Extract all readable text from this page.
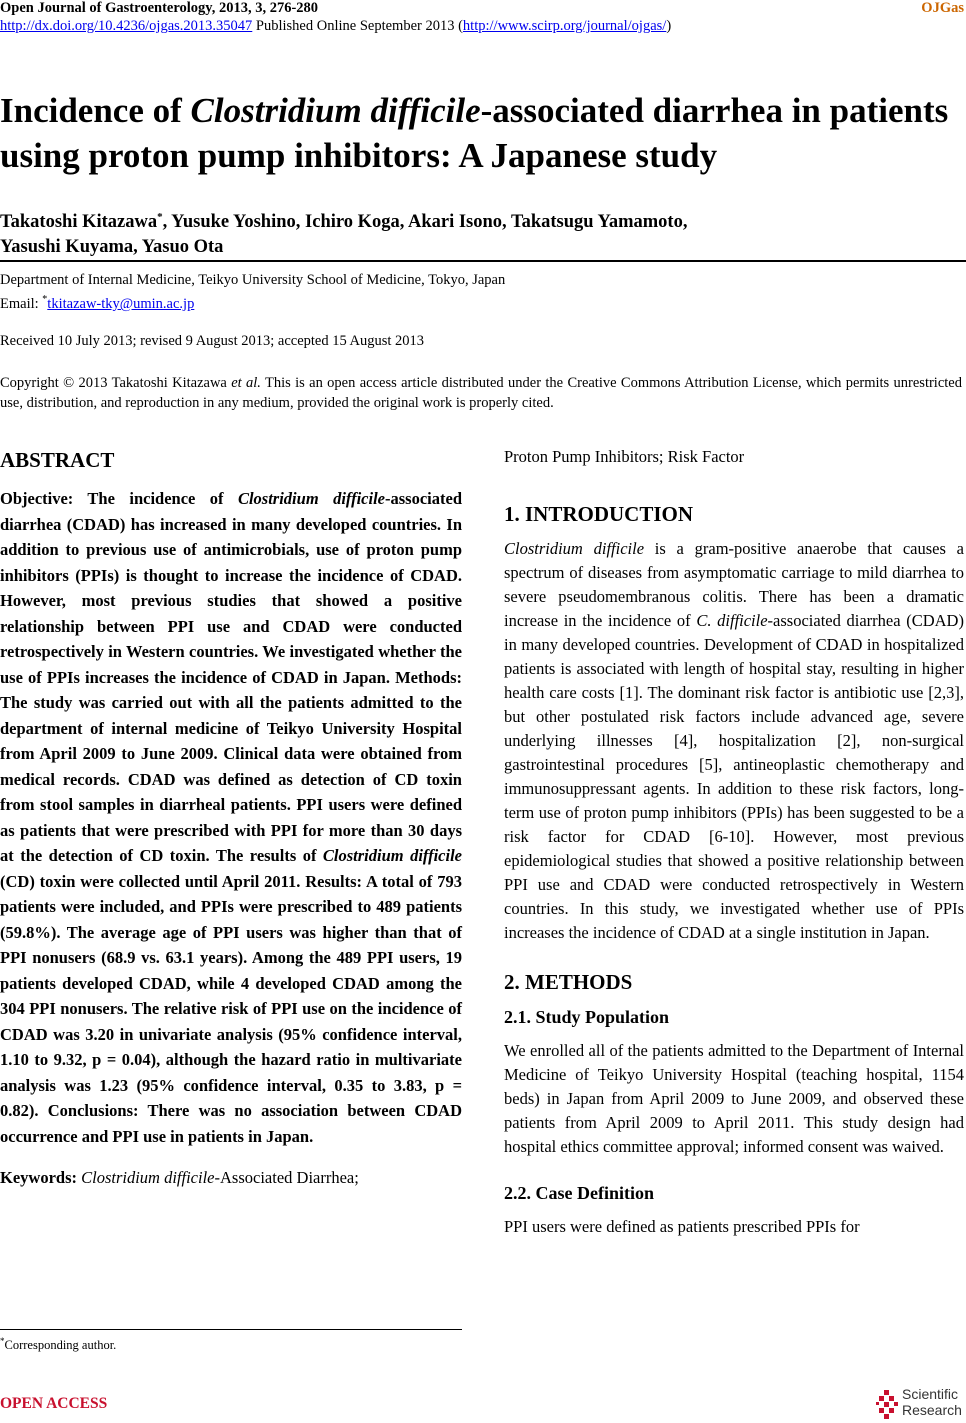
Open Journal of Gastroenterology, 2013, 3, 276-280	OJGas
http://dx.doi.org/10.4236/ojgas.2013.35047 Published Online September 2013 (http://www.scirp.org/journal/ojgas/)
Incidence of Clostridium difficile-associated diarrhea in patients using proton pump inhibitors: A Japanese study
Takatoshi Kitazawa*, Yusuke Yoshino, Ichiro Koga, Akari Isono, Takatsugu Yamamoto,
Yasushi Kuyama, Yasuo Ota
Department of Internal Medicine, Teikyo University School of Medicine, Tokyo, Japan
Email: *tkitazaw-tky@umin.ac.jp
Received 10 July 2013; revised 9 August 2013; accepted 15 August 2013
Copyright © 2013 Takatoshi Kitazawa et al. This is an open access article distributed under the Creative Commons Attribution License, which permits unrestricted use, distribution, and reproduction in any medium, provided the original work is properly cited.
ABSTRACT

Objective: The incidence of Clostridium difficile-associated diarrhea (CDAD) has increased in many developed countries. In addition to previous use of antimicrobials, use of proton pump inhibitors (PPIs) is thought to increase the incidence of CDAD. However, most previous studies that showed a positive relationship between PPI use and CDAD were conducted retrospectively in Western countries. We investigated whether the use of PPIs increases the incidence of CDAD in Japan. Methods: The study was carried out with all the patients admitted to the department of internal medicine of Teikyo University Hospital from April 2009 to June 2009. Clinical data were obtained from medical records. CDAD was defined as detection of CD toxin from stool samples in diarrheal patients. PPI users were defined as patients that were prescribed with PPI for more than 30 days at the detection of CD toxin. The results of Clostridium difficile (CD) toxin were collected until April 2011. Results: A total of 793 patients were included, and PPIs were prescribed to 489 patients (59.8%). The average age of PPI users was higher than that of PPI nonusers (68.9 vs. 63.1 years). Among the 489 PPI users, 19 patients developed CDAD, while 4 developed CDAD among the 304 PPI nonusers. The relative risk of PPI use on the incidence of CDAD was 3.20 in univariate analysis (95% confidence interval, 1.10 to 9.32, p = 0.04), although the hazard ratio in multivariate analysis was 1.23 (95% confidence interval, 0.35 to 3.83, p = 0.82). Conclusions: There was no association between CDAD occurrence and PPI use in patients in Japan.

Keywords: Clostridium difficile-Associated Diarrhea;

*Corresponding author.

Proton Pump Inhibitors; Risk Factor

1. INTRODUCTION

Clostridium difficile is a gram-positive anaerobe that causes a spectrum of diseases from asymptomatic carriage to mild diarrhea to severe pseudomembranous colitis. There has been a dramatic increase in the incidence of C. difficile-associated diarrhea (CDAD) in many developed countries. Development of CDAD in hospitalized patients is associated with length of hospital stay, resulting in higher health care costs [1]. The dominant risk factor is antibiotic use [2,3], but other postulated risk factors include advanced age, severe underlying illnesses [4], hospitalization [2], non-surgical gastrointestinal procedures [5], antineoplastic chemotherapy and immunosuppressant agents. In addition to these risk factors, long-term use of proton pump inhibitors (PPIs) has been suggested to be a risk factor for CDAD [6-10]. However, most previous epidemiological studies that showed a positive relationship between PPI use and CDAD were conducted retrospectively in Western countries. In this study, we investigated whether use of PPIs increases the incidence of CDAD at a single institution in Japan.

2. METHODS
2.1. Study Population

We enrolled all of the patients admitted to the Department of Internal Medicine of Teikyo University Hospital (teaching hospital, 1154 beds) in Japan from April 2009 to June 2009, and observed these patients from April 2009 to April 2011. This study design had hospital ethics committee approval; informed consent was waived.

2.2. Case Definition

PPI users were defined as patients prescribed PPIs for

OPEN ACCESS
Scientific
Research
